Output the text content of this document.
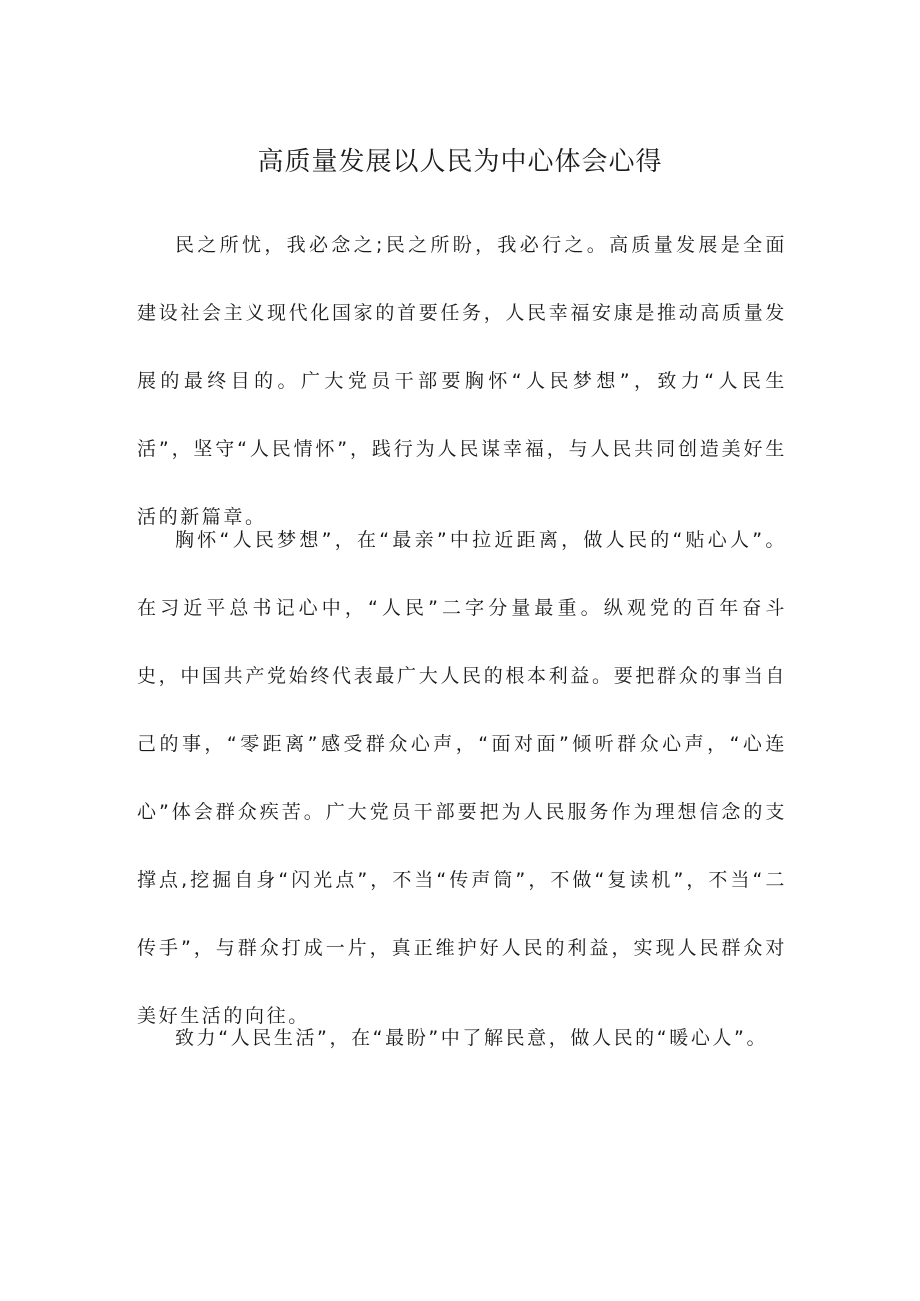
高质量发展以人民为中心体会心得

民之所忧，我必念之;民之所盼，我必行之。高质量发展是全面建设社会主义现代化国家的首要任务，人民幸福安康是推动高质量发展的最终目的。广大党员干部要胸怀“人民梦想”，致力“人民生活”，坚守“人民情怀”，践行为人民谋幸福，与人民共同创造美好生活的新篇章。

胸怀“人民梦想”，在“最亲”中拉近距离，做人民的“贴心人”。在习近平总书记心中，“人民”二字分量最重。纵观党的百年奋斗史，中国共产党始终代表最广大人民的根本利益。要把群众的事当自己的事，“零距离”感受群众心声，“面对面”倾听群众心声，“心连心”体会群众疾苦。广大党员干部要把为人民服务作为理想信念的支撑点,挖掘自身“闪光点”，不当“传声筒”，不做“复读机”，不当“二传手”，与群众打成一片，真正维护好人民的利益，实现人民群众对美好生活的向往。

致力“人民生活”，在“最盼”中了解民意，做人民的“暖心人”。
